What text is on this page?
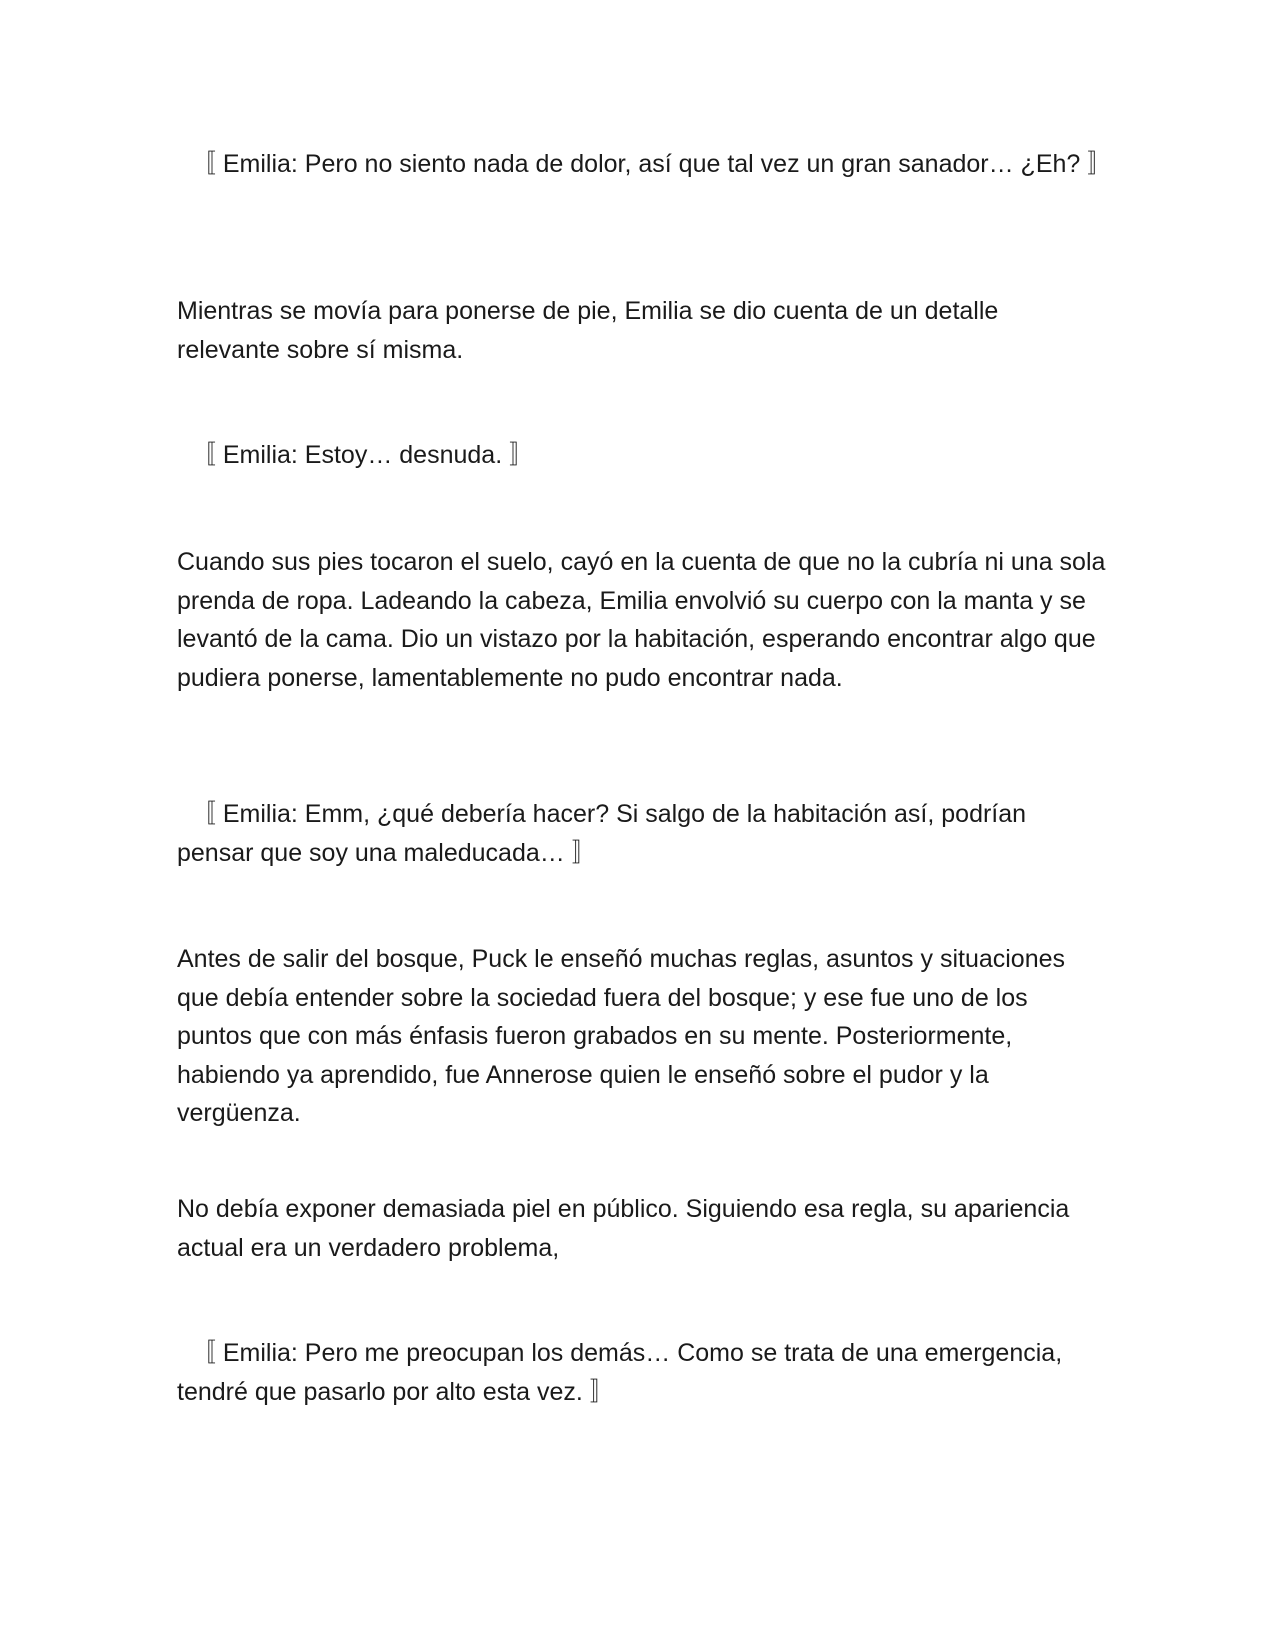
〚 Emilia: Pero no siento nada de dolor, así que tal vez un gran sanador… ¿Eh? 〛

Mientras se movía para ponerse de pie, Emilia se dio cuenta de un detalle relevante sobre sí misma.

〚 Emilia: Estoy… desnuda. 〛

Cuando sus pies tocaron el suelo, cayó en la cuenta de que no la cubría ni una sola prenda de ropa. Ladeando la cabeza, Emilia envolvió su cuerpo con la manta y se levantó de la cama. Dio un vistazo por la habitación, esperando encontrar algo que pudiera ponerse, lamentablemente no pudo encontrar nada.

〚 Emilia: Emm, ¿qué debería hacer? Si salgo de la habitación así, podrían pensar que soy una maleducada… 〛

Antes de salir del bosque, Puck le enseñó muchas reglas, asuntos y situaciones que debía entender sobre la sociedad fuera del bosque; y ese fue uno de los puntos que con más énfasis fueron grabados en su mente. Posteriormente, habiendo ya aprendido, fue Annerose quien le enseñó sobre el pudor y la vergüenza.

No debía exponer demasiada piel en público. Siguiendo esa regla, su apariencia actual era un verdadero problema,

〚 Emilia: Pero me preocupan los demás… Como se trata de una emergencia, tendré que pasarlo por alto esta vez. 〛
